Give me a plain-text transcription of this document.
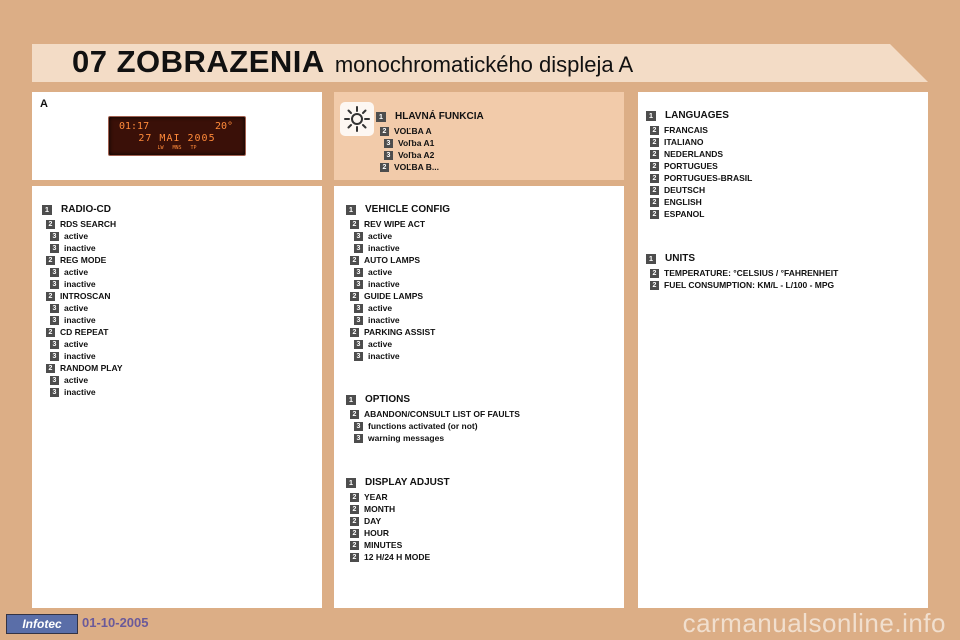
07 ZOBRAZENIA monochromatického displeja A
A
01:17	20°
27 MAI 2005
LW MNS TP
1 HLAVNÁ FUNKCIA
2 VOĽBA A
3 Voľba A1
3 Voľba A2
2 VOĽBA B...
1 RADIO-CD
2 RDS SEARCH
3 active
3 inactive
2 REG MODE
3 active
3 inactive
2 INTROSCAN
3 active
3 inactive
2 CD REPEAT
3 active
3 inactive
2 RANDOM PLAY
3 active
3 inactive
1 VEHICLE CONFIG
2 REV WIPE ACT
3 active
3 inactive
2 AUTO LAMPS
3 active
3 inactive
2 GUIDE LAMPS
3 active
3 inactive
2 PARKING ASSIST
3 active
3 inactive
1 OPTIONS
2 ABANDON/CONSULT LIST OF FAULTS
3 functions activated (or not)
3 warning messages
1 DISPLAY ADJUST
2 YEAR
2 MONTH
2 DAY
2 HOUR
2 MINUTES
2 12 H/24 H MODE
1 LANGUAGES
2 FRANCAIS
2 ITALIANO
2 NEDERLANDS
2 PORTUGUES
2 PORTUGUES-BRASIL
2 DEUTSCH
2 ENGLISH
2 ESPANOL
1 UNITS
2 TEMPERATURE: °CELSIUS / °FAHRENHEIT
2 FUEL CONSUMPTION: KM/L - L/100 - MPG
Infotec	01-10-2005	carmanualsonline.info
